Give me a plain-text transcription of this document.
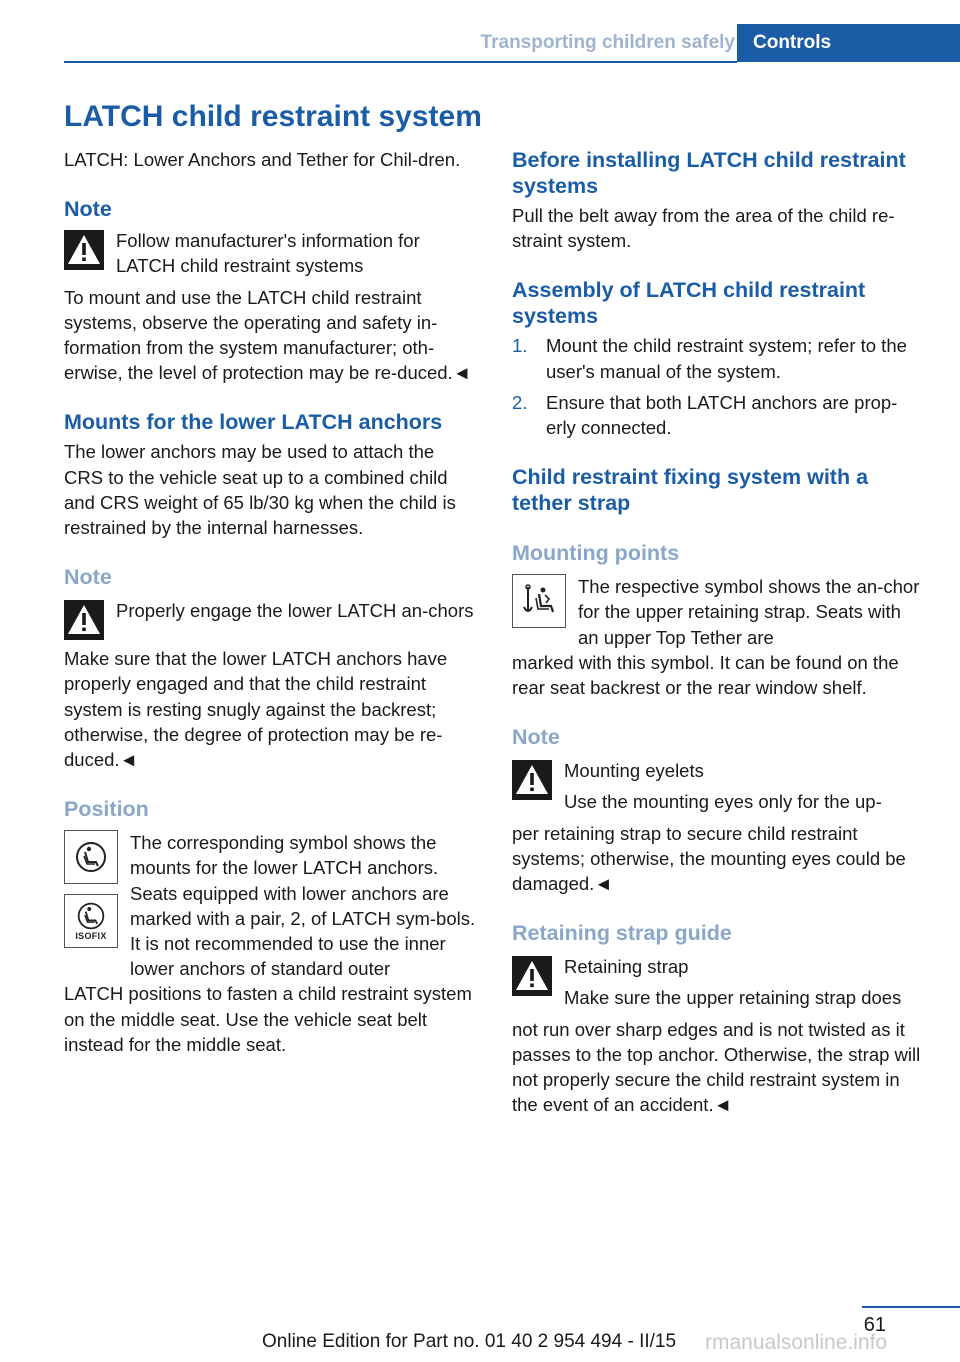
Transporting children safely Controls
LATCH child restraint system

LATCH: Lower Anchors and Tether for Chil-dren.

Note

Follow manufacturer's information for LATCH child restraint systems

To mount and use the LATCH child restraint systems, observe the operating and safety in-formation from the system manufacturer; oth-erwise, the level of protection may be re-duced.◄

Mounts for the lower LATCH anchors

The lower anchors may be used to attach the CRS to the vehicle seat up to a combined child and CRS weight of 65 lb/30 kg when the child is restrained by the internal harnesses.

Note

Properly engage the lower LATCH an-chors

Make sure that the lower LATCH anchors have properly engaged and that the child restraint system is resting snugly against the backrest; otherwise, the degree of protection may be re-duced.◄

Position
ISOFIX

The corresponding symbol shows the mounts for the lower LATCH anchors. Seats equipped with lower anchors are marked with a pair, 2, of LATCH sym-bols. It is not recommended to use the inner lower anchors of standard outer

LATCH positions to fasten a child restraint system on the middle seat. Use the vehicle seat belt instead for the middle seat.

Before installing LATCH child restraint systems

Pull the belt away from the area of the child re-straint system.

Assembly of LATCH child restraint systems
1.	Mount the child restraint system; refer to the user's manual of the system.
2.	Ensure that both LATCH anchors are prop-erly connected.
Child restraint fixing system with a tether strap
Mounting points

The respective symbol shows the an-chor for the upper retaining strap. Seats with an upper Top Tether are

marked with this symbol. It can be found on the rear seat backrest or the rear window shelf.

Note

Mounting eyelets

Use the mounting eyes only for the up-

per retaining strap to secure child restraint systems; otherwise, the mounting eyes could be damaged.◄

Retaining strap guide

Retaining strap

Make sure the upper retaining strap does

not run over sharp edges and is not twisted as it passes to the top anchor. Otherwise, the strap will not properly secure the child restraint system in the event of an accident.◄

61
Online Edition for Part no. 01 40 2 954 494 - II/15 rmanualsonline.info
